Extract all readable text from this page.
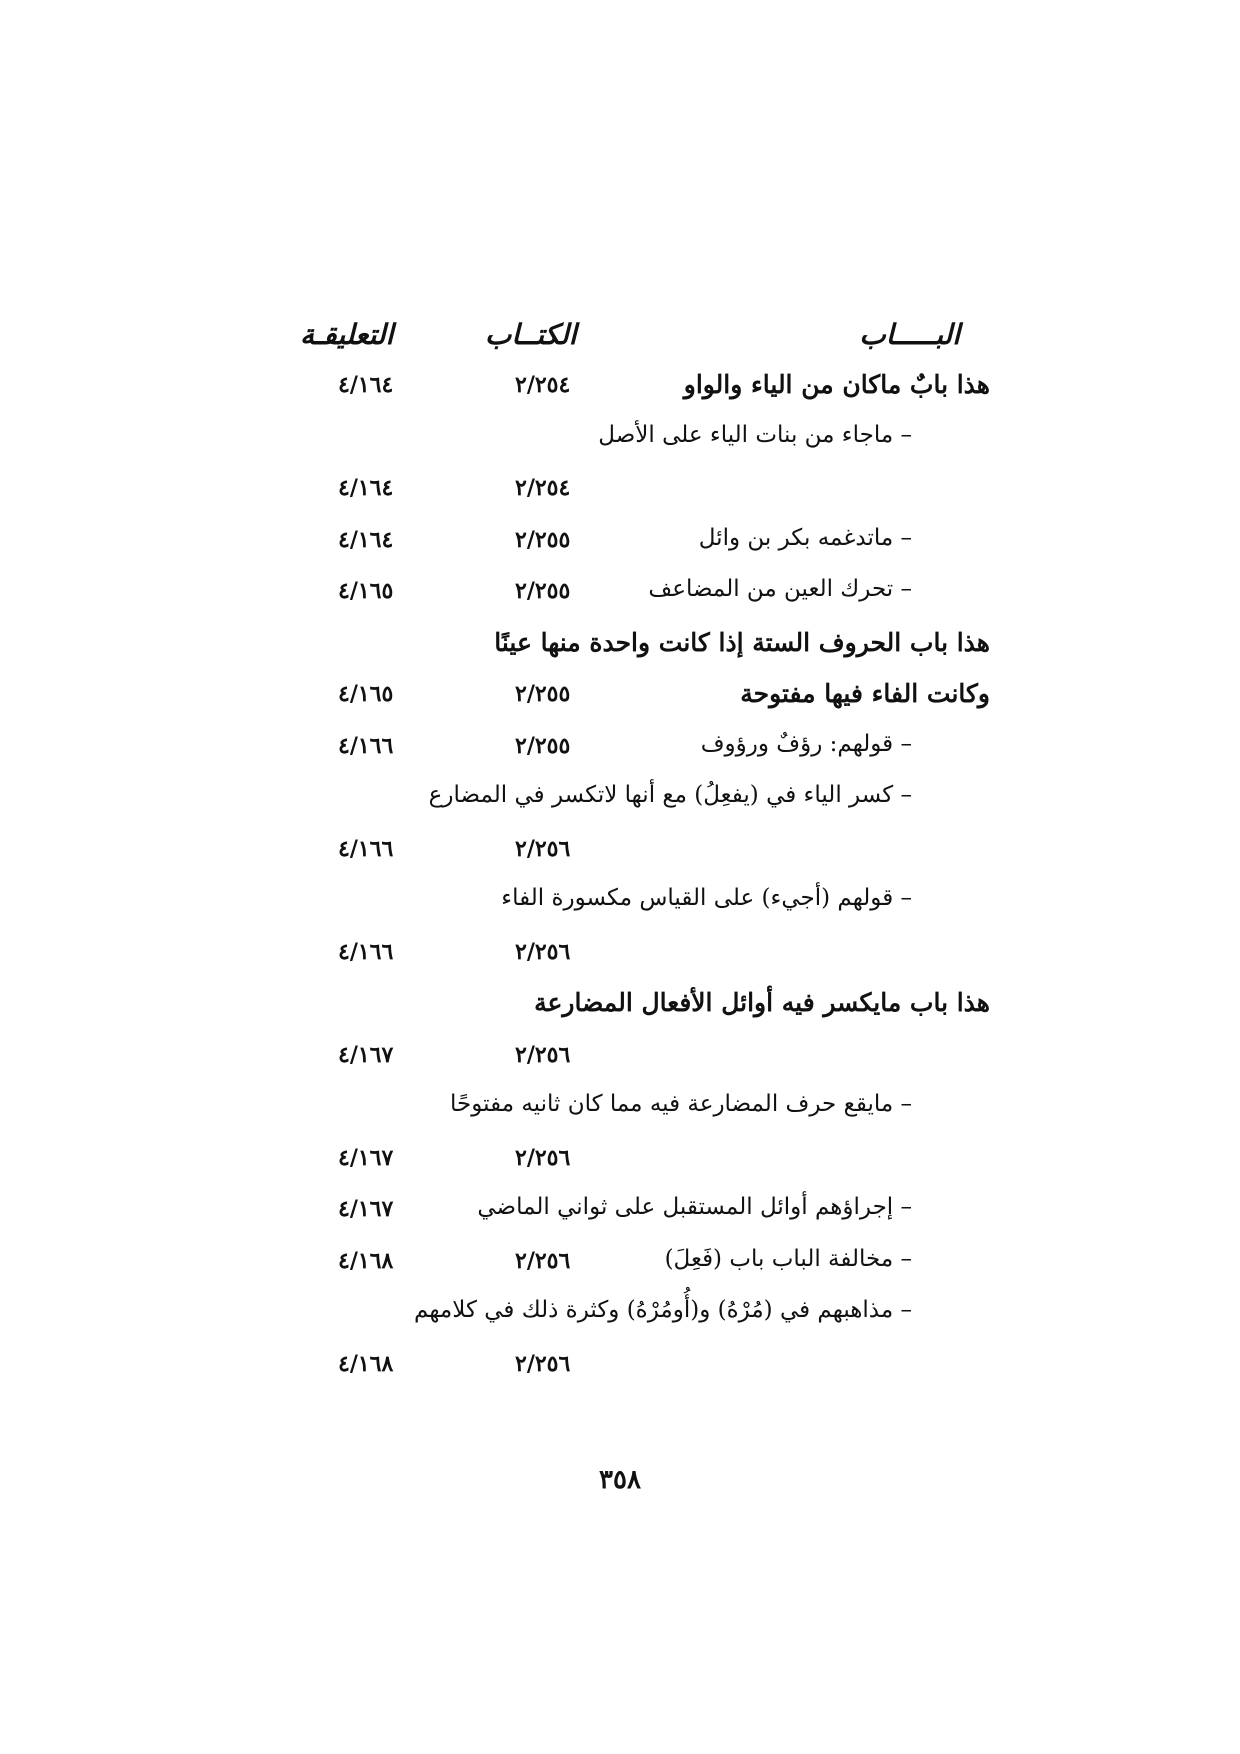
البـــــاب
الكتــاب
التعليقـة
هذا بابٌ ماكان من الياء والواو
٢/٢٥٤
٤/١٦٤
– ماجاء من بنات الياء على الأصل
٢/٢٥٤
٤/١٦٤
– ماتدغمه بكر بن وائل
٢/٢٥٥
٤/١٦٤
– تحرك العين من المضاعف
٢/٢٥٥
٤/١٦٥
هذا باب الحروف الستة إذا كانت واحدة منها عينًا
وكانت الفاء فيها مفتوحة
٢/٢٥٥
٤/١٦٥
– قولهم: رؤفٌ ورؤوف
٢/٢٥٥
٤/١٦٦
– كسر الياء في (يفعِلُ) مع أنها لاتكسر في المضارع
٢/٢٥٦
٤/١٦٦
– قولهم (أجيء) على القياس مكسورة الفاء
٢/٢٥٦
٤/١٦٦
هذا باب مايكسر فيه أوائل الأفعال المضارعة
٢/٢٥٦
٤/١٦٧
– مايقع حرف المضارعة فيه مما كان ثانيه مفتوحًا
٢/٢٥٦
٤/١٦٧
– إجراؤهم أوائل المستقبل على ثواني الماضي
٤/١٦٧
– مخالفة الباب باب (فَعِلَ)
٢/٢٥٦
٤/١٦٨
– مذاهبهم في (مُرْهُ) و(أُومُرْهُ) وكثرة ذلك في كلامهم
٢/٢٥٦
٤/١٦٨
٣٥٨
